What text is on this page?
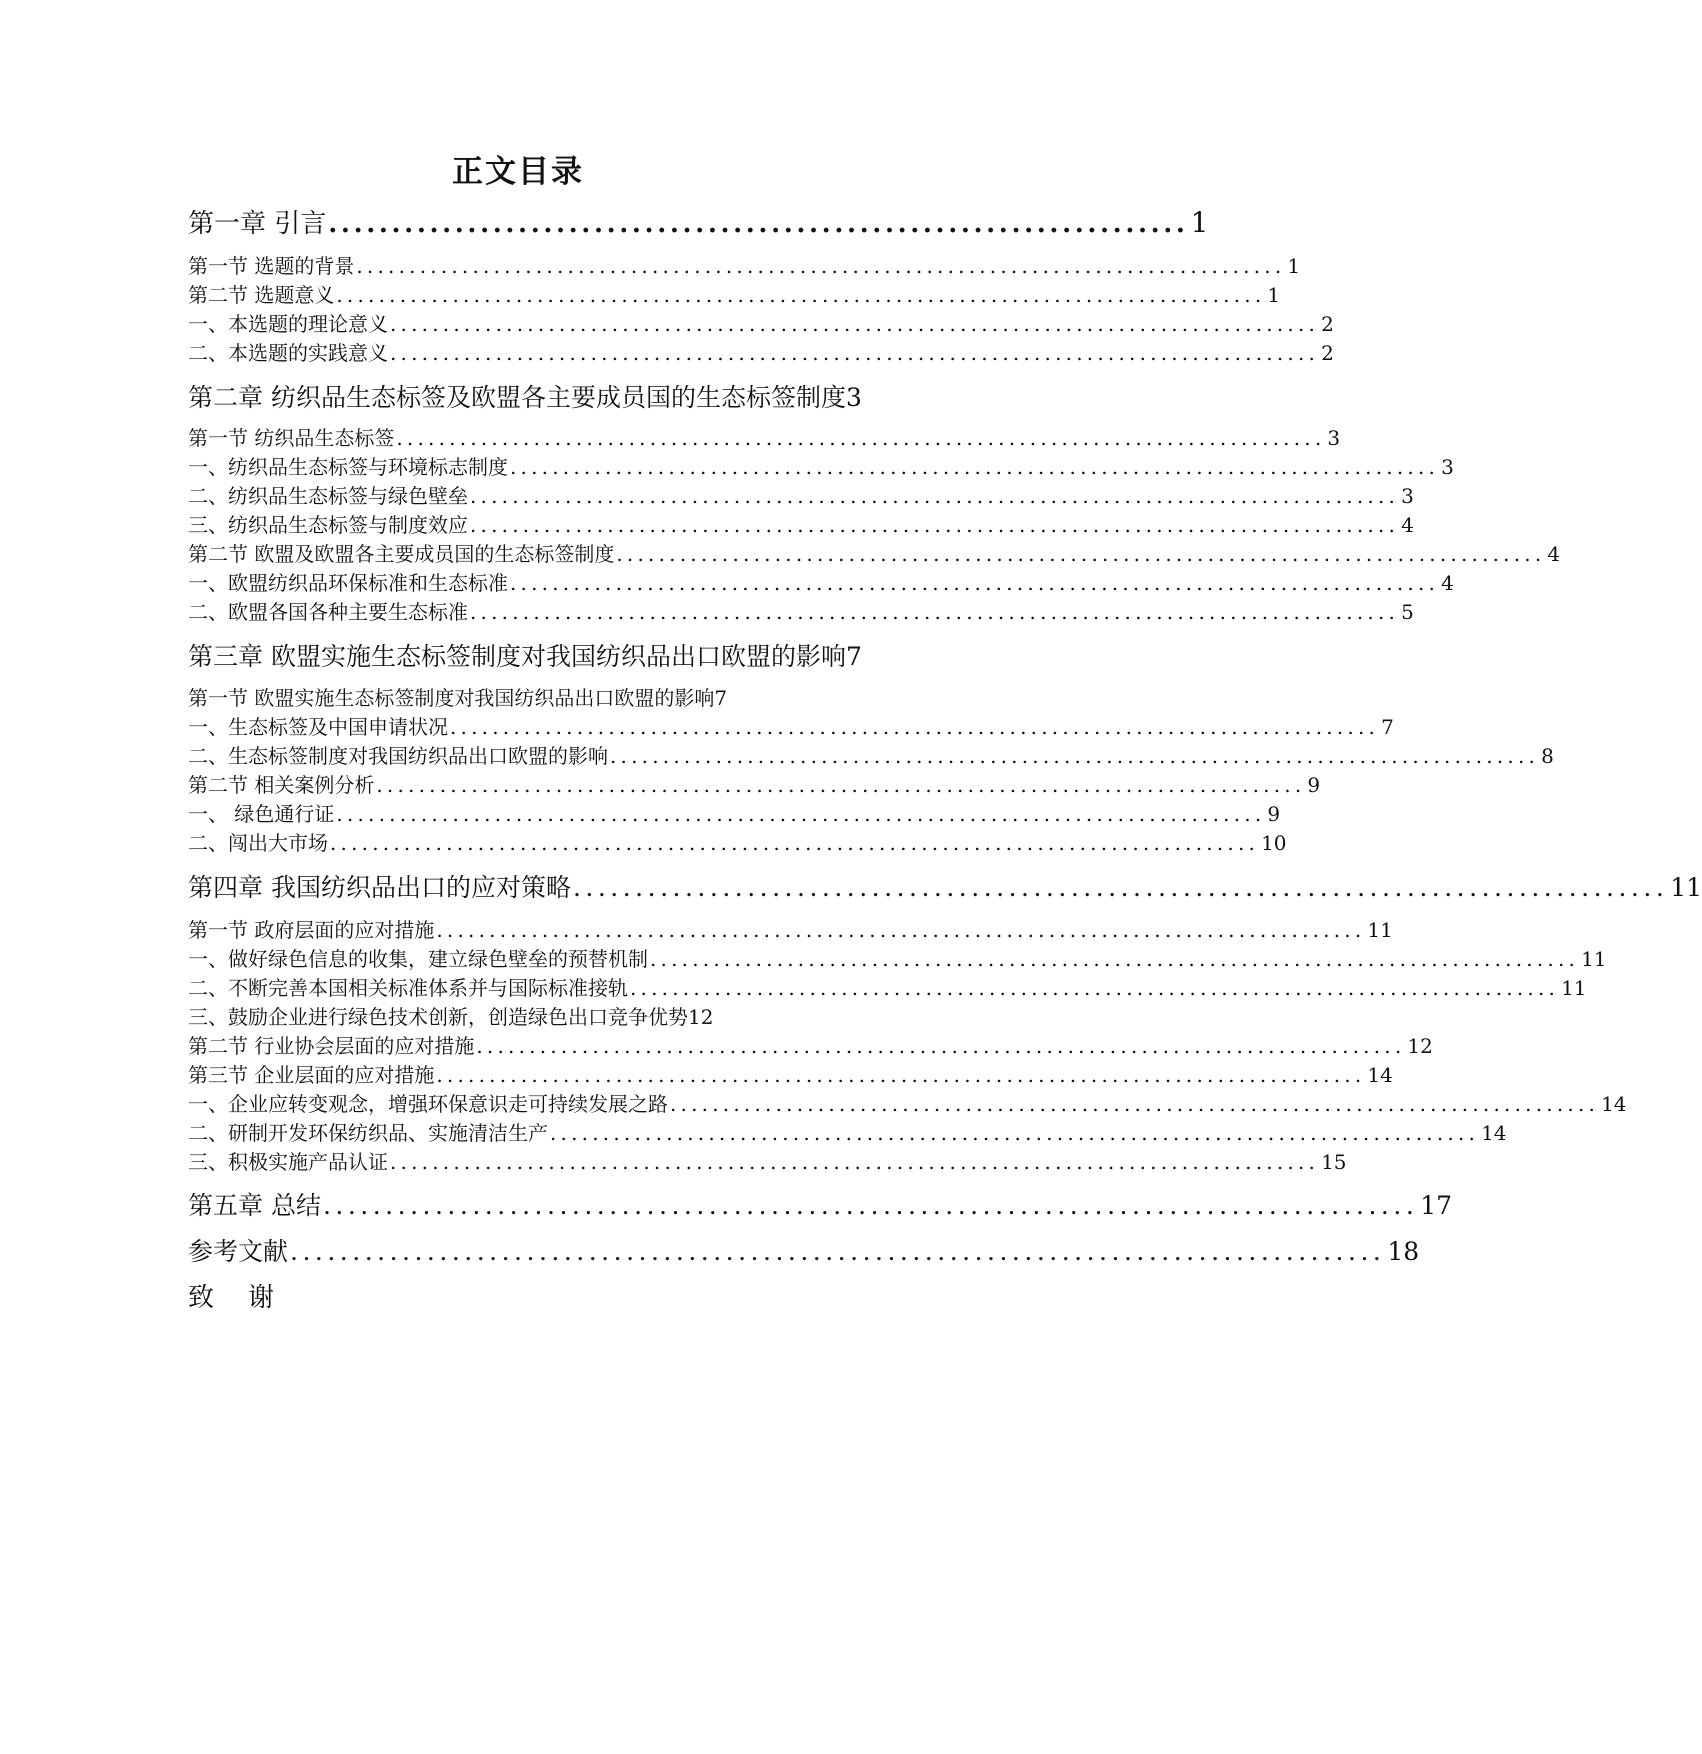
正文目录
第一章 引言 .................................................................... 1
第一节 选题的背景 ........................................................................................ 1
第二节 选题意义 ........................................................................................ 1
一、本选题的理论意义 ........................................................................................ 2
二、本选题的实践意义 ........................................................................................ 2
第二章 纺织品生态标签及欧盟各主要成员国的生态标签制度 3
第一节 纺织品生态标签 ........................................................................................ 3
一、纺织品生态标签与环境标志制度 ........................................................................................ 3
二、纺织品生态标签与绿色壁垒 ........................................................................................ 3
三、纺织品生态标签与制度效应 ........................................................................................ 4
第二节 欧盟及欧盟各主要成员国的生态标签制度 ........................................................................................ 4
一、欧盟纺织品环保标准和生态标准 ........................................................................................ 4
二、欧盟各国各种主要生态标准 ........................................................................................ 5
第三章 欧盟实施生态标签制度对我国纺织品出口欧盟的影响 7
第一节 欧盟实施生态标签制度对我国纺织品出口欧盟的影响 7
一、生态标签及中国申请状况 ........................................................................................ 7
二、生态标签制度对我国纺织品出口欧盟的影响 ........................................................................................ 8
第二节 相关案例分析 ........................................................................................ 9
一、 绿色通行证 ........................................................................................ 9
二、闯出大市场 ........................................................................................ 10
第四章 我国纺织品出口的应对策略 ........................................................................................ 11
第一节 政府层面的应对措施 ........................................................................................ 11
一、做好绿色信息的收集，建立绿色壁垒的预替机制 ........................................................................................ 11
二、不断完善本国相关标准体系并与国际标准接轨 ........................................................................................ 11
三、鼓励企业进行绿色技术创新，创造绿色出口竞争优势 12
第二节 行业协会层面的应对措施 ........................................................................................ 12
第三节 企业层面的应对措施 ........................................................................................ 14
一、企业应转变观念，增强环保意识走可持续发展之路 ........................................................................................ 14
二、研制开发环保纺织品、实施清洁生产 ........................................................................................ 14
三、积极实施产品认证 ........................................................................................ 15
第五章 总结 ........................................................................................ 17
参考文献 ........................................................................................ 18
致 谢
